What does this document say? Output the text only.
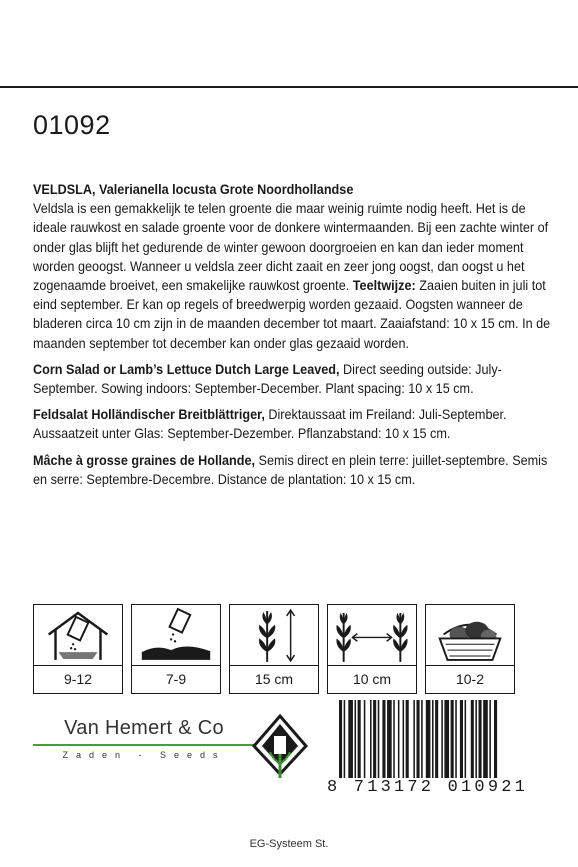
01092

VELDSLA, Valerianella locusta Grote Noordhollandse
Veldsla is een gemakkelijk te telen groente die maar weinig ruimte nodig heeft. Het is de ideale rauwkost en salade groente voor de donkere wintermaanden. Bij een zachte winter of onder glas blijft het gedurende de winter gewoon doorgroeien en kan dan ieder moment worden geoogst. Wanneer u veldsla zeer dicht zaait en zeer jong oogst, dan oogst u het zogenaamde broeivet, een smakelijke rauwkost groente. Teeltwijze: Zaaien buiten in juli tot eind september. Er kan op regels of breedwerpig worden gezaaid. Oogsten wanneer de bladeren circa 10 cm zijn in de maanden december tot maart. Zaaiafstand: 10 x 15 cm. In de maanden september tot december kan onder glas gezaaid worden.

Corn Salad or Lamb’s Lettuce Dutch Large Leaved, Direct seeding outside: July-September. Sowing indoors: September-December. Plant spacing: 10 x 15 cm.

Feldsalat Holländischer Breitblättriger, Direktaussaat im Freiland: Juli-September. Aussaatzeit unter Glas: September-Dezember. Pflanzabstand: 10 x 15 cm.

Mâche à grosse graines de Hollande, Semis direct en plein terre: juillet-septembre. Semis en serre: Septembre-Decembre. Distance de plantation: 10 x 15 cm.

9-12	7-9	15 cm	10 cm	10-2
Van Hemert & Co
Zaden - Seeds
8 713172 010921
EG-Systeem St.
